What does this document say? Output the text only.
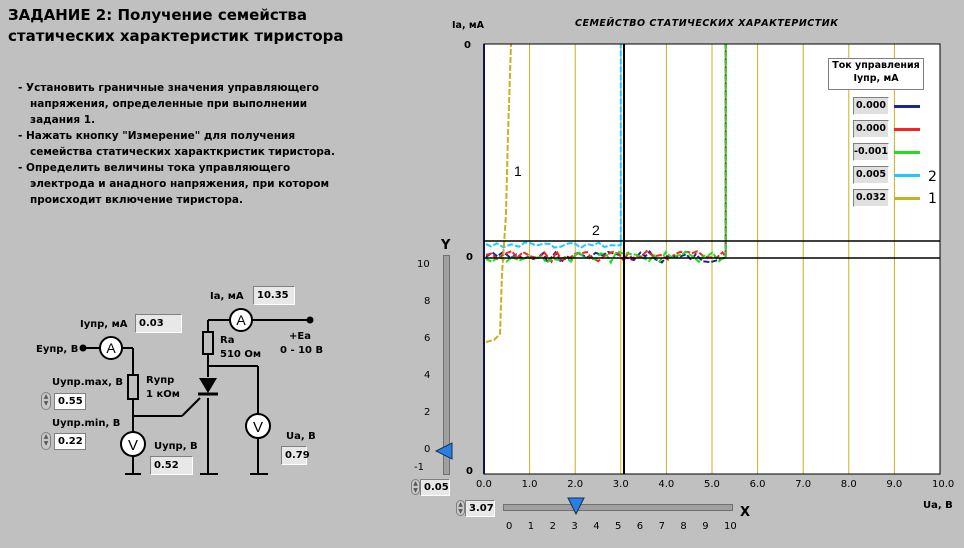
ЗАДАНИЕ 2: Получение семейства
статических характеристик тиристора
- Установить граничные значения управляющего напряжения, определенные при выполнении задания 1.
- Нажать кнопку "Измерение" для получения семейства статических характкристик тиристора.
- Определить величины тока управляющего электрода и анадного напряжения, при котором происходит включение тиристора.
A
A
V
V
Ia, мА	10.35
Iупр, мА	0.03
Еупр, В
Rупр
1 кОм
Ra
510 Ом
+Еа
0 - 10 В
Uупр.max, В
▲
▼ 0.55
Uупр.min, В
▲
▼ 0.22	Uупр, В
0.52
Ua, В
0.79
Ia, мА	СЕМЕЙСТВО СТАТИЧЕСКИХ ХАРАКТЕРИСТИК
0
0
0
1
2
0.0	1.0	2.0	3.0	4.0	5.0	6.0	7.0	8.0	9.0	10.0
Ua, В
Ток управления
Iупр, мА
0.000
0.000
-0.001
0.005
0.032
2
1
Y
10
8
6
4
2
0
-1
▲
▼ 0.05
▲
▼ 3.07	X
0 1 2 3 4 5 6 7 8 9 10
